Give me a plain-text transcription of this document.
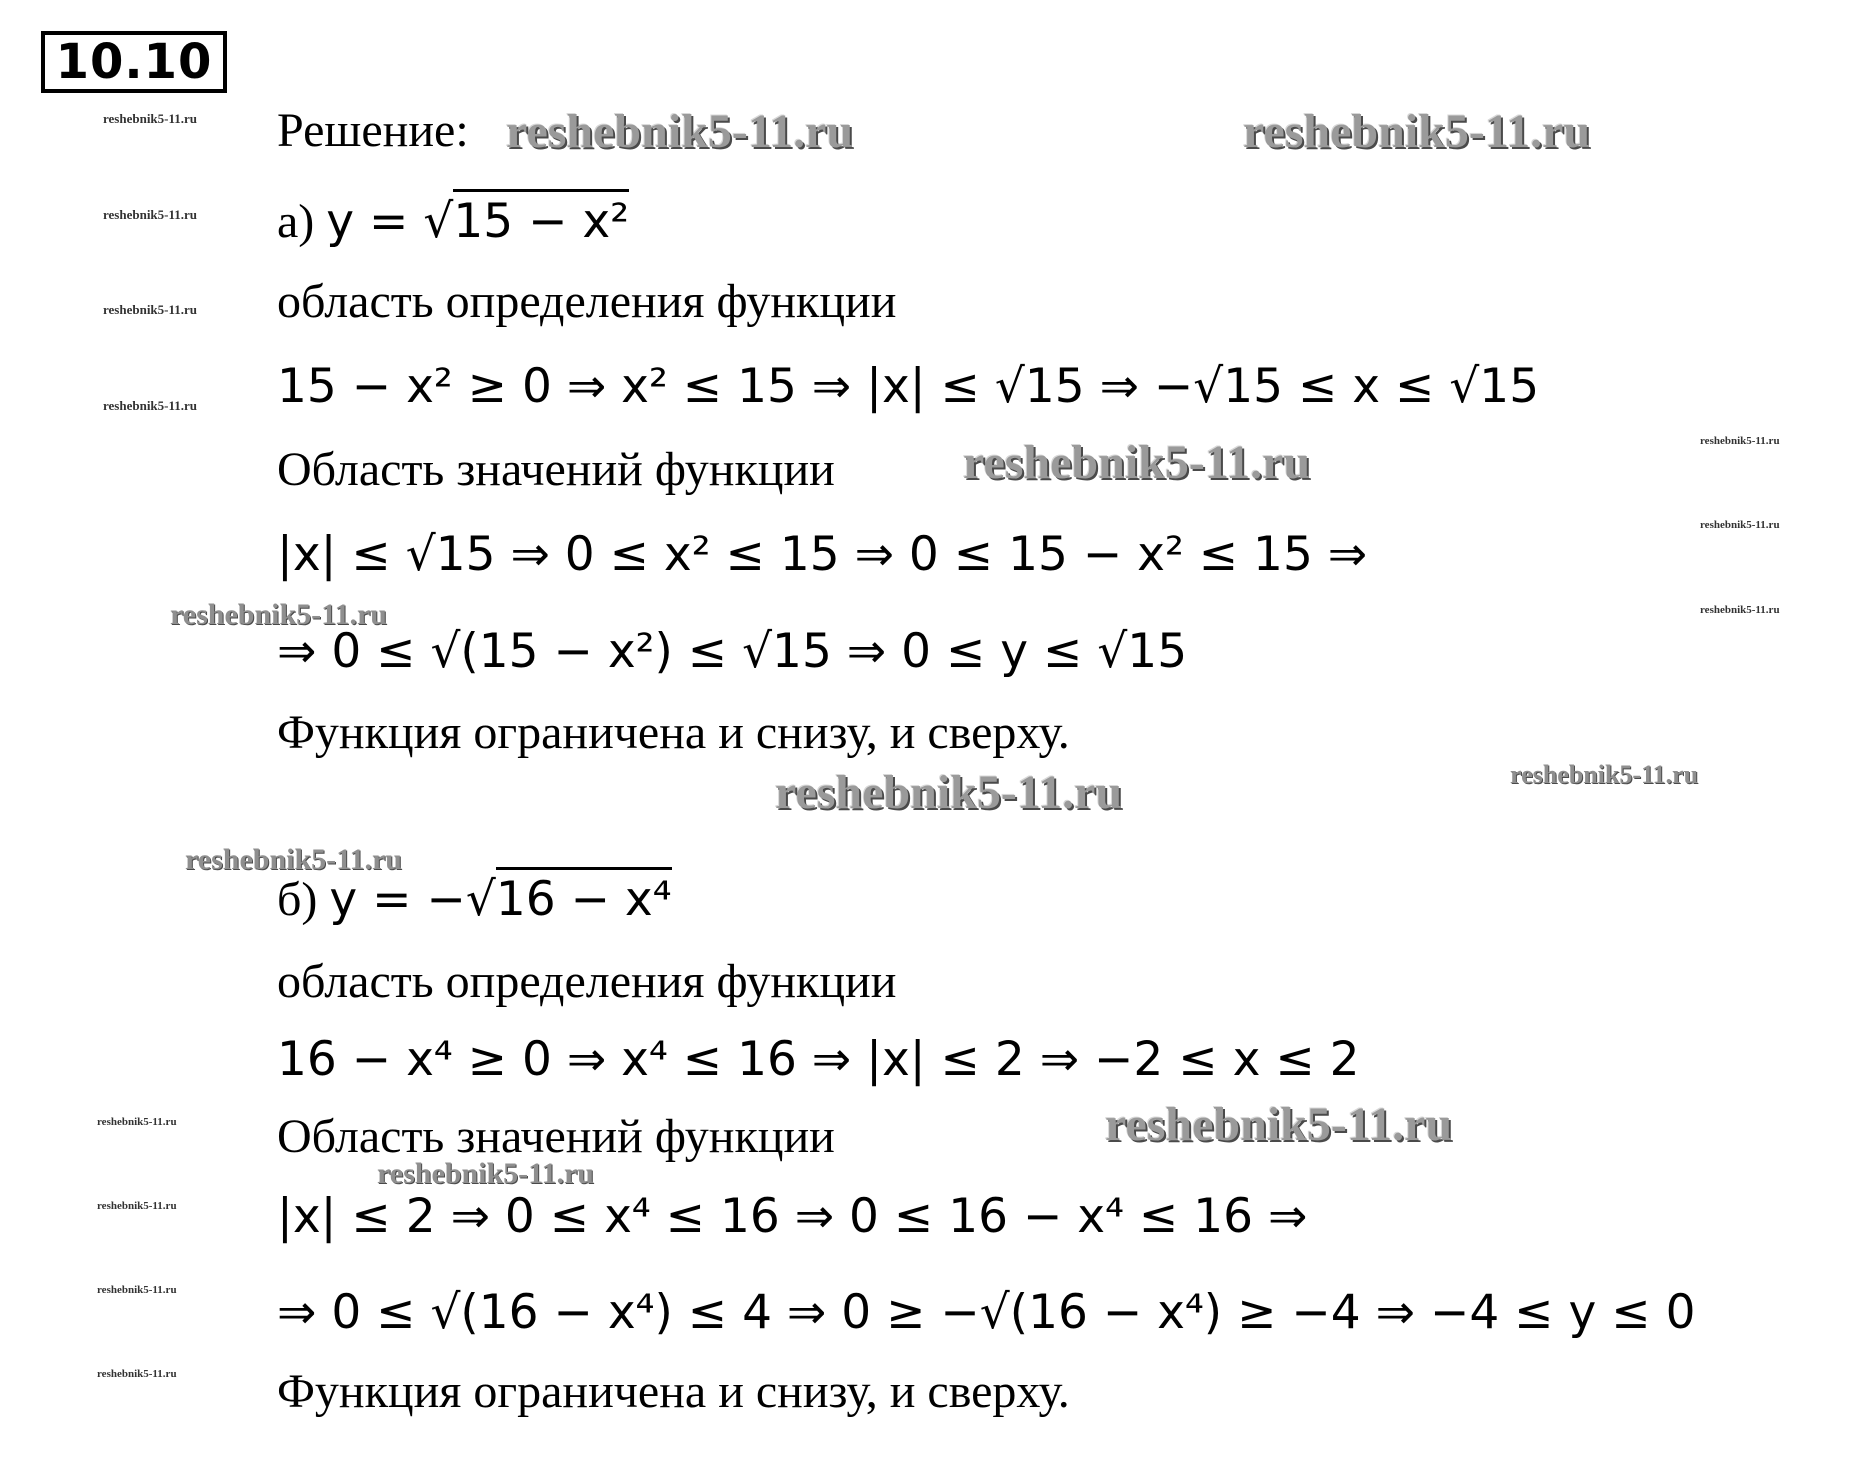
10.10
reshebnik5-11.ru
reshebnik5-11.ru
reshebnik5-11.ru
reshebnik5-11.ru
reshebnik5-11.ru
reshebnik5-11.ru
reshebnik5-11.ru
reshebnik5-11.ru
reshebnik5-11.ru
reshebnik5-11.ru
reshebnik5-11.ru
reshebnik5-11.ru	reshebnik5-11.ru
reshebnik5-11.ru
reshebnik5-11.ru
reshebnik5-11.ru
reshebnik5-11.ru
reshebnik5-11.ru
reshebnik5-11.ru
reshebnik5-11.ru
Решение:
а) y = √15 − x²
область определения функции
15 − x² ≥ 0 ⇒ x² ≤ 15 ⇒ |x| ≤ √15 ⇒ −√15 ≤ x ≤ √15
Область значений функции
|x| ≤ √15 ⇒ 0 ≤ x² ≤ 15 ⇒ 0 ≤ 15 − x² ≤ 15 ⇒
⇒ 0 ≤ √(15 − x²) ≤ √15 ⇒ 0 ≤ y ≤ √15
Функция ограничена и снизу, и сверху.
б) y = −√16 − x⁴
область определения функции
16 − x⁴ ≥ 0 ⇒ x⁴ ≤ 16 ⇒ |x| ≤ 2 ⇒ −2 ≤ x ≤ 2
Область значений функции
|x| ≤ 2 ⇒ 0 ≤ x⁴ ≤ 16 ⇒ 0 ≤ 16 − x⁴ ≤ 16 ⇒
⇒ 0 ≤ √(16 − x⁴) ≤ 4 ⇒ 0 ≥ −√(16 − x⁴) ≥ −4 ⇒ −4 ≤ y ≤ 0
Функция ограничена и снизу, и сверху.
